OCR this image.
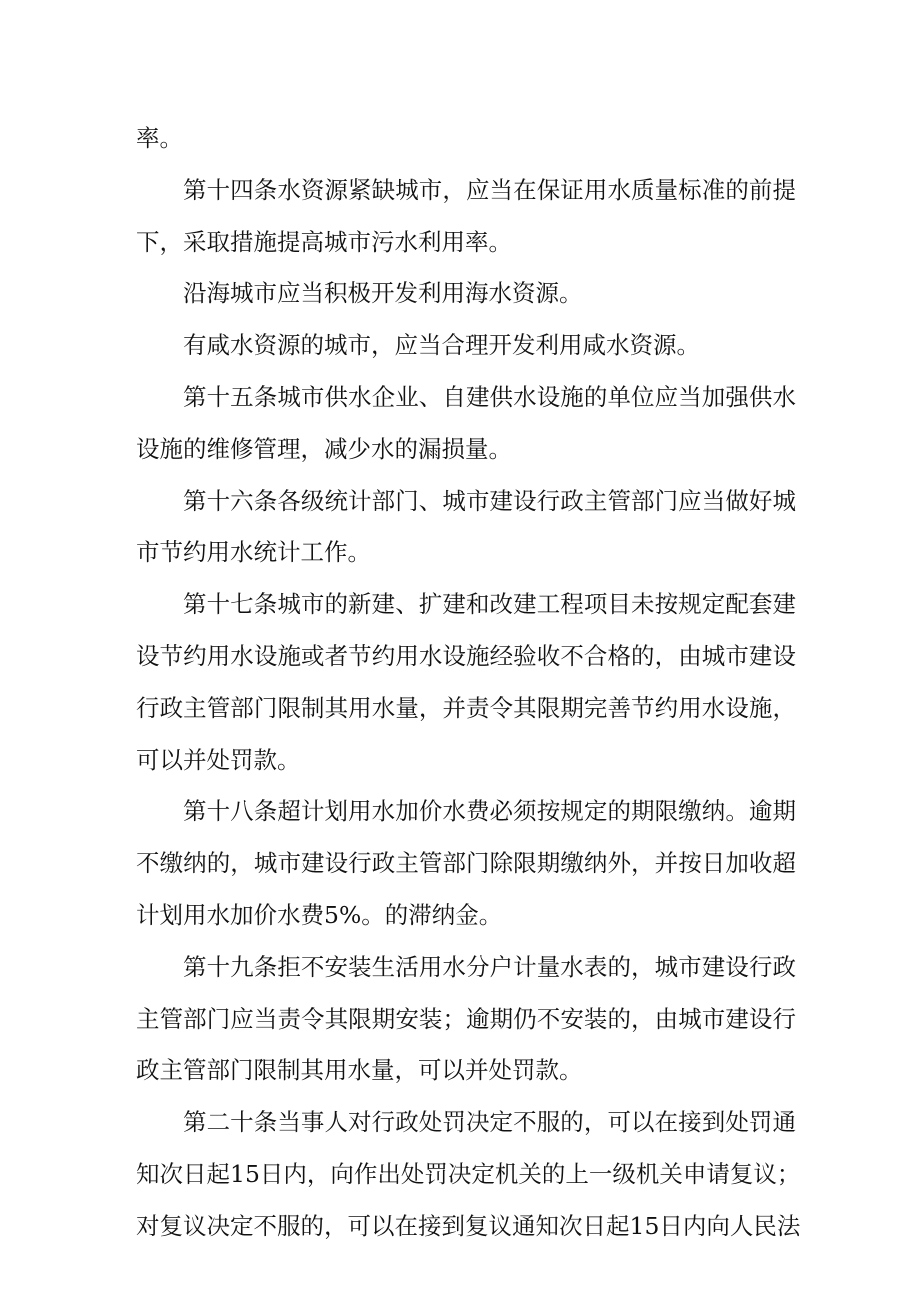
率。
第十四条水资源紧缺城市，应当在保证用水质量标准的前提
下，采取措施提高城市污水利用率。
沿海城市应当积极开发利用海水资源。
有咸水资源的城市，应当合理开发利用咸水资源。
第十五条城市供水企业、自建供水设施的单位应当加强供水
设施的维修管理，减少水的漏损量。
第十六条各级统计部门、城市建设行政主管部门应当做好城
市节约用水统计工作。
第十七条城市的新建、扩建和改建工程项目未按规定配套建
设节约用水设施或者节约用水设施经验收不合格的，由城市建设
行政主管部门限制其用水量，并责令其限期完善节约用水设施，
可以并处罚款。
第十八条超计划用水加价水费必须按规定的期限缴纳。逾期
不缴纳的，城市建设行政主管部门除限期缴纳外，并按日加收超
计划用水加价水费5%。的滞纳金。
第十九条拒不安装生活用水分户计量水表的，城市建设行政
主管部门应当责令其限期安装；逾期仍不安装的，由城市建设行
政主管部门限制其用水量，可以并处罚款。
第二十条当事人对行政处罚决定不服的，可以在接到处罚通
知次日起15日内，向作出处罚决定机关的上一级机关申请复议；
对复议决定不服的，可以在接到复议通知次日起15日内向人民法
